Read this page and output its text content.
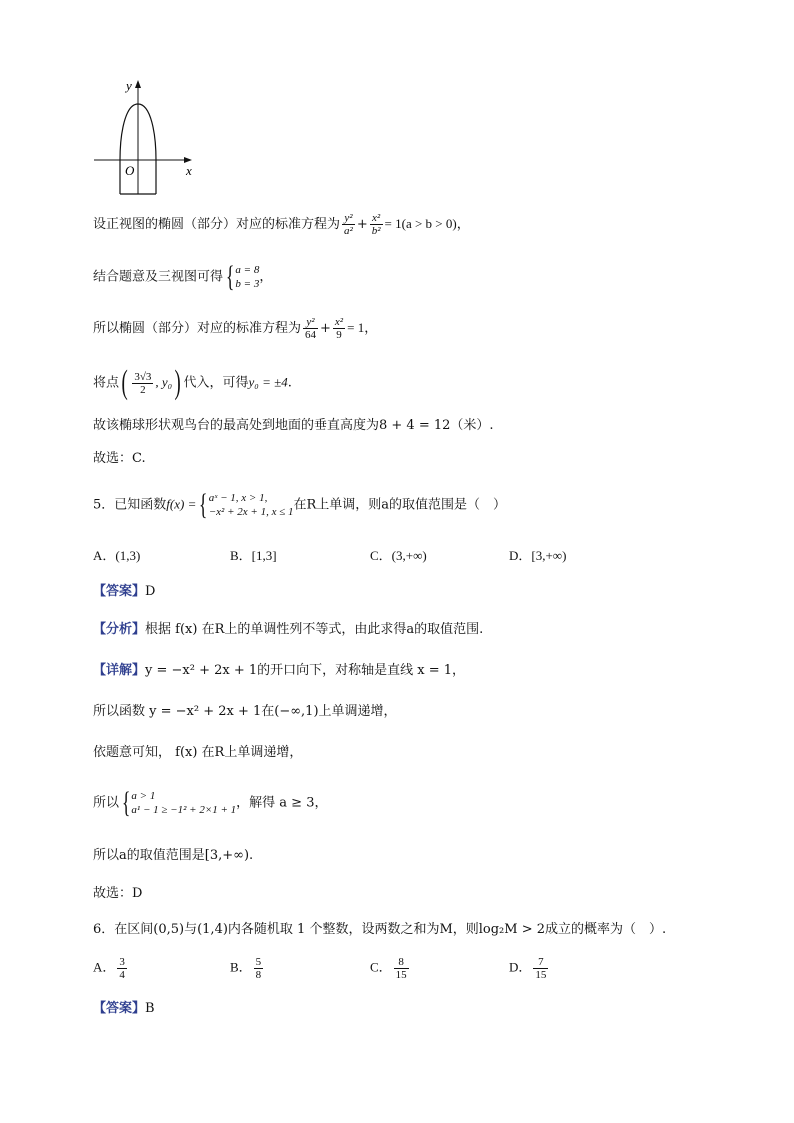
y
x
O
设正视图的椭圆（部分）对应的标准方程为 $\frac{\text{y²}}{\text{a²}} + \frac{\text{x²}}{\text{b²}} = 1(a > b > 0)$，
结合题意及三视图可得{ a = 8
b = 3 ，
所以椭圆（部分）对应的标准方程为 $\frac{\text{y²}}{64} + \frac{\text{x²}}{9} = 1$，
将点( $\frac{3√3}{2}$ , y₀) 代入，可得y₀ = ±4.
故该椭球形状观鸟台的最高处到地面的垂直高度为8 + 4 = 12（米）.
故选：C.
5．已知函数f(x) ={ aˣ − 1, x > 1,
−x² + 2x + 1, x ≤ 1 在R上单调，则a的取值范围是（　）
A．(1,3)	B．[1,3]	C．(3,+∞)	D．[3,+∞)
【答案】D
【分析】根据 f(x) 在R上的单调性列不等式，由此求得a的取值范围.
【详解】y = −x² + 2x + 1的开口向下，对称轴是直线 x = 1，
所以函数 y = −x² + 2x + 1在(−∞,1)上单调递增，
依题意可知， f(x) 在R上单调递增，
所以{ a > 1
a¹ − 1 ≥ −1² + 2×1 + 1 ，解得 a ≥ 3，
所以a的取值范围是[3,+∞).
故选：D
6．在区间(0,5)与(1,4)内各随机取 1 个整数，设两数之和为M，则log₂M > 2成立的概率为（　）.
A． $\frac{3}{4}$	B． $\frac{5}{8}$	C． $\frac{8}{15}$	D． $\frac{7}{15}$
【答案】B
